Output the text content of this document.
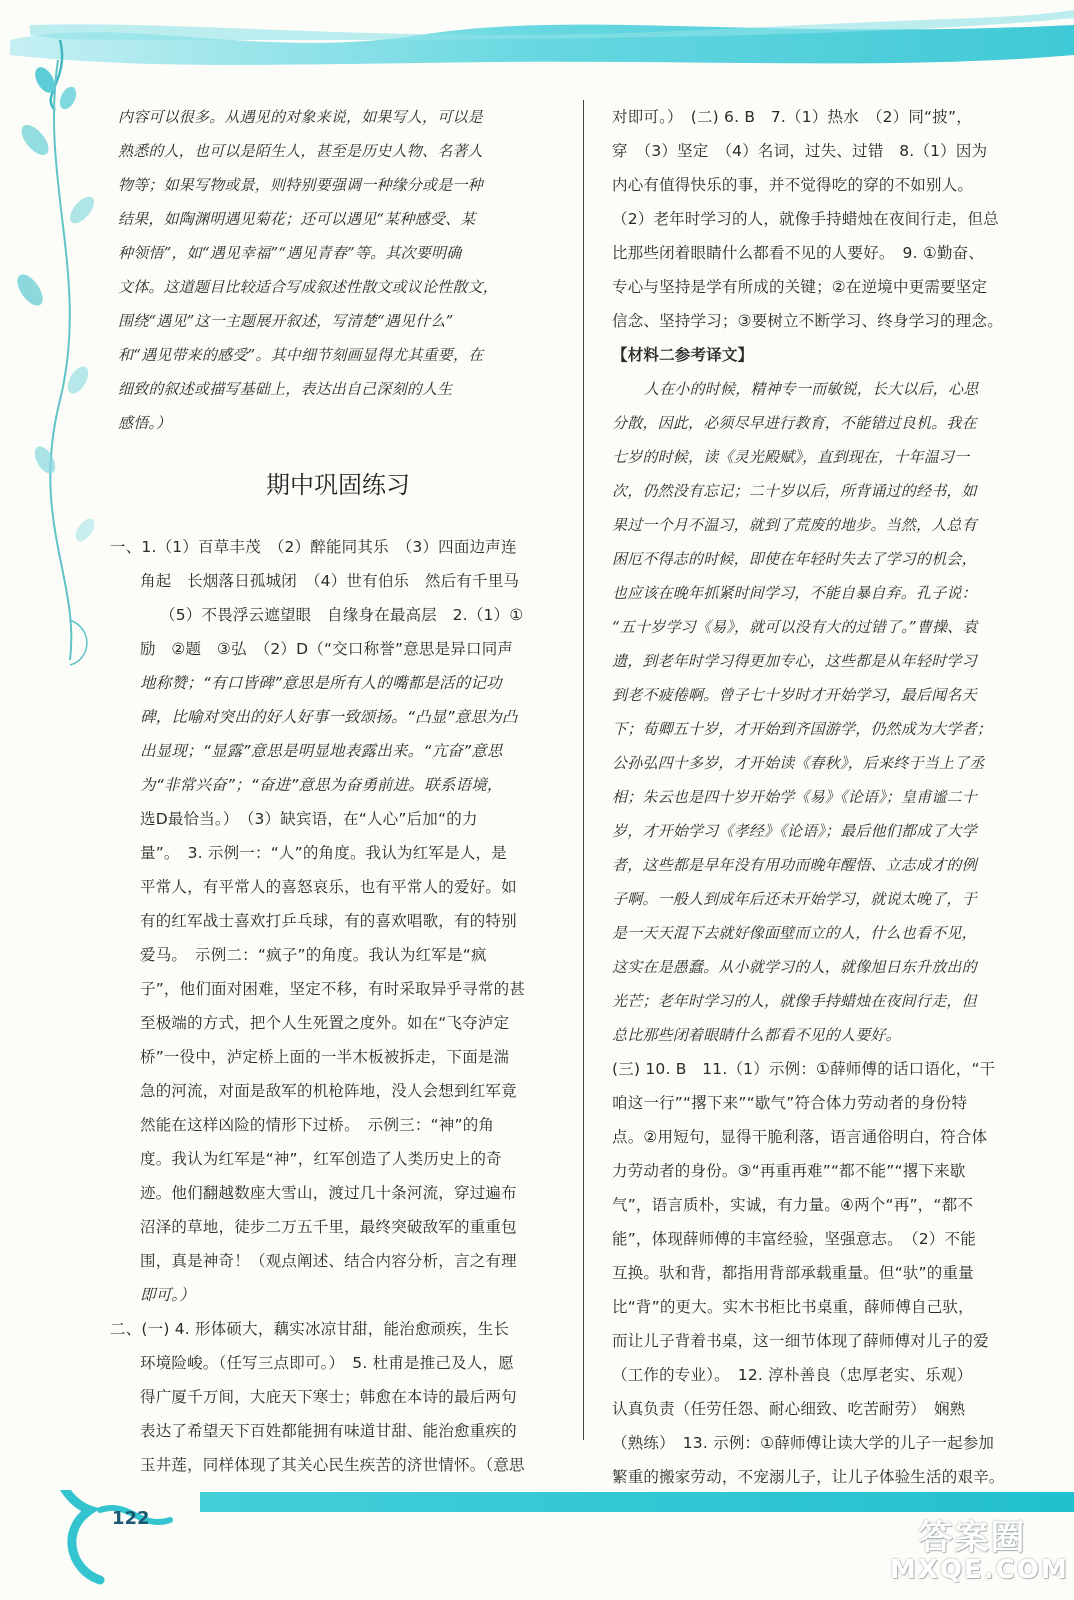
122	答案圈
MXQE.COM
内容可以很多。从遇见的对象来说，如果写人，可以是
熟悉的人，也可以是陌生人，甚至是历史人物、名著人
物等；如果写物或景，则特别要强调一种缘分或是一种
结果，如陶渊明遇见菊花；还可以遇见“某种感受、某
种领悟”，如“遇见幸福”“遇见青春”等。其次要明确
文体。这道题目比较适合写成叙述性散文或议论性散文，
围绕“遇见”这一主题展开叙述，写清楚“遇见什么”
和“遇见带来的感受”。其中细节刻画显得尤其重要，在
细致的叙述或描写基础上，表达出自己深刻的人生
感悟。）
期中巩固练习
一、1.（1）百草丰茂　（2）醉能同其乐　（3）四面边声连
角起　长烟落日孤城闭　（4）世有伯乐　然后有千里马
（5）不畏浮云遮望眼　自缘身在最高层　2.（1）①
励　②题　③弘　（2）D（“交口称誉”意思是异口同声
地称赞；“有口皆碑”意思是所有人的嘴都是活的记功
碑，比喻对突出的好人好事一致颂扬。“凸显”意思为凸
出显现；“显露”意思是明显地表露出来。“亢奋”意思
为“非常兴奋”；“奋进”意思为奋勇前进。联系语境，
选D最恰当。）　（3）缺宾语，在“人心”后加“的力
量”。　3. 示例一：“人”的角度。我认为红军是人，是
平常人，有平常人的喜怒哀乐，也有平常人的爱好。如
有的红军战士喜欢打乒乓球，有的喜欢唱歌，有的特别
爱马。　示例二：“疯子”的角度。我认为红军是“疯
子”，他们面对困难，坚定不移，有时采取异乎寻常的甚
至极端的方式，把个人生死置之度外。如在“飞夺泸定
桥”一役中，泸定桥上面的一半木板被拆走，下面是湍
急的河流，对面是敌军的机枪阵地，没人会想到红军竟
然能在这样凶险的情形下过桥。　示例三：“神”的角
度。我认为红军是“神”，红军创造了人类历史上的奇
迹。他们翻越数座大雪山，渡过几十条河流，穿过遍布
沼泽的草地，徒步二万五千里，最终突破敌军的重重包
围，真是神奇！（观点阐述、结合内容分析，言之有理
即可。）
二、(一) 4. 形体硕大，藕实冰凉甘甜，能治愈顽疾，生长
环境险峻。（任写三点即可。）　5. 杜甫是推己及人，愿
得广厦千万间，大庇天下寒士；韩愈在本诗的最后两句
表达了希望天下百姓都能拥有味道甘甜、能治愈重疾的
玉井莲，同样体现了其关心民生疾苦的济世情怀。（意思
对即可。）　(二) 6. B　7.（1）热水　（2）同“披”，
穿　（3）坚定　（4）名词，过失、过错　8.（1）因为
内心有值得快乐的事，并不觉得吃的穿的不如别人。
（2）老年时学习的人，就像手持蜡烛在夜间行走，但总
比那些闭着眼睛什么都看不见的人要好。　9. ①勤奋、
专心与坚持是学有所成的关键；②在逆境中更需要坚定
信念、坚持学习；③要树立不断学习、终身学习的理念。
【材料二参考译文】
人在小的时候，精神专一而敏锐，长大以后，心思
分散，因此，必须尽早进行教育，不能错过良机。我在
七岁的时候，读《灵光殿赋》，直到现在，十年温习一
次，仍然没有忘记；二十岁以后，所背诵过的经书，如
果过一个月不温习，就到了荒废的地步。当然，人总有
困厄不得志的时候，即使在年轻时失去了学习的机会，
也应该在晚年抓紧时间学习，不能自暴自弃。孔子说：
“五十岁学习《易》，就可以没有大的过错了。”曹操、袁
遗，到老年时学习得更加专心，这些都是从年轻时学习
到老不疲倦啊。曾子七十岁时才开始学习，最后闻名天
下；荀卿五十岁，才开始到齐国游学，仍然成为大学者；
公孙弘四十多岁，才开始读《春秋》，后来终于当上了丞
相；朱云也是四十岁开始学《易》《论语》；皇甫谧二十
岁，才开始学习《孝经》《论语》；最后他们都成了大学
者，这些都是早年没有用功而晚年醒悟、立志成才的例
子啊。一般人到成年后还未开始学习，就说太晚了，于
是一天天混下去就好像面壁而立的人，什么也看不见，
这实在是愚蠢。从小就学习的人，就像旭日东升放出的
光芒；老年时学习的人，就像手持蜡烛在夜间行走，但
总比那些闭着眼睛什么都看不见的人要好。
(三) 10. B　11.（1）示例：①薛师傅的话口语化，“干
咱这一行”“撂下来”“歇气”符合体力劳动者的身份特
点。②用短句，显得干脆利落，语言通俗明白，符合体
力劳动者的身份。③“再重再难”“都不能”“撂下来歇
气”，语言质朴，实诚，有力量。④两个“再”，“都不
能”，体现薛师傅的丰富经验，坚强意志。　（2）不能
互换。驮和背，都指用背部承载重量。但“驮”的重量
比“背”的更大。实木书柜比书桌重，薛师傅自己驮，
而让儿子背着书桌，这一细节体现了薛师傅对儿子的爱
（工作的专业）。　12. 淳朴善良（忠厚老实、乐观）
认真负责（任劳任怨、耐心细致、吃苦耐劳）　娴熟
（熟练）　13. 示例：①薛师傅让读大学的儿子一起参加
繁重的搬家劳动，不宠溺儿子，让儿子体验生活的艰辛。
